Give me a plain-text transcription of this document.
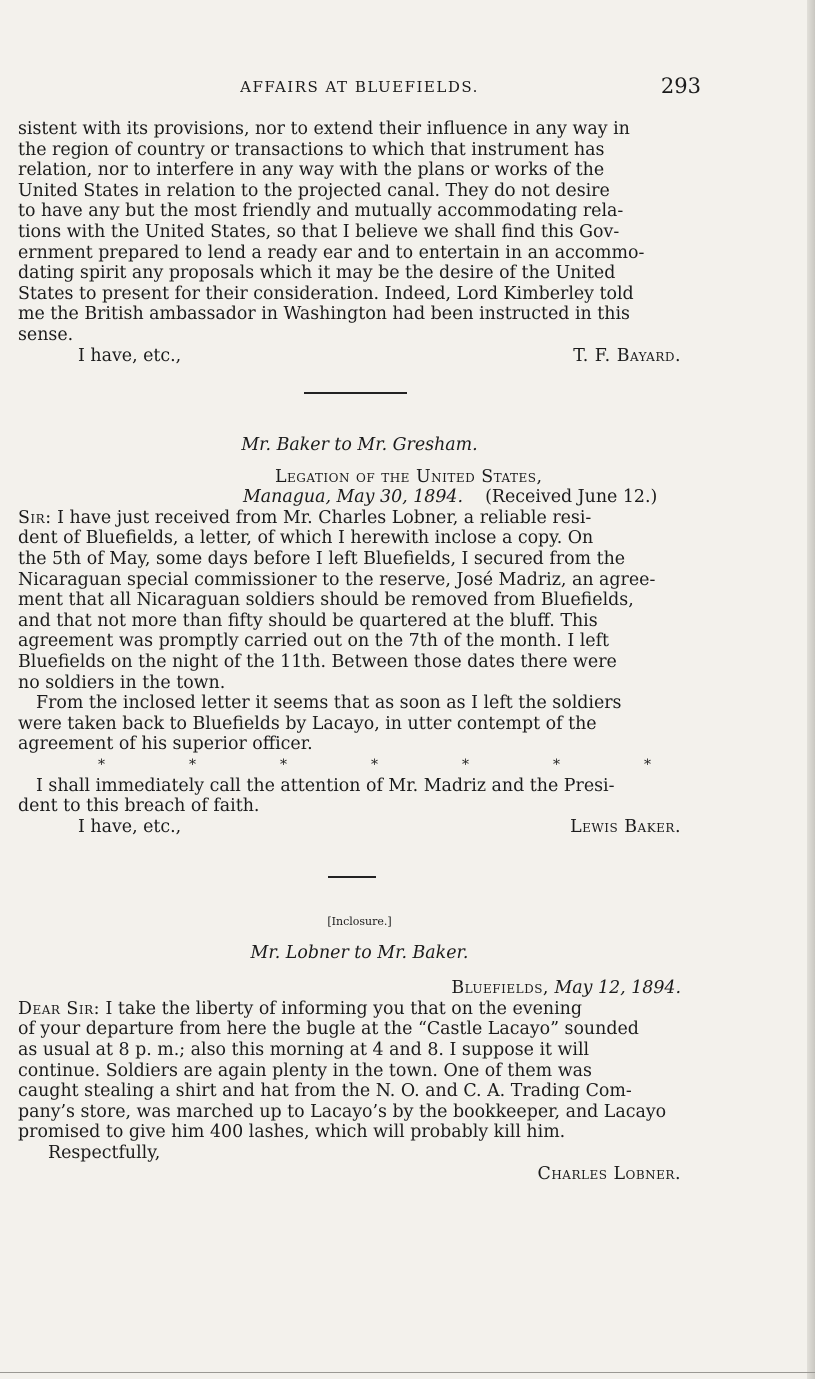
AFFAIRS AT BLUEFIELDS.	293
sistent with its provisions, nor to extend their influence in any way in
the region of country or transactions to which that instrument has
relation, nor to interfere in any way with the plans or works of the
United States in relation to the projected canal. They do not desire
to have any but the most friendly and mutually accommodating rela-
tions with the United States, so that I believe we shall find this Gov-
ernment prepared to lend a ready ear and to entertain in an accommo-
dating spirit any proposals which it may be the desire of the United
States to present for their consideration. Indeed, Lord Kimberley told
me the British ambassador in Washington had been instructed in this
sense.
I have, etc.,	T. F. Bayard.
Mr. Baker to Mr. Gresham.
Legation of the United States,
Managua, May 30, 1894. (Received June 12.)
Sir: I have just received from Mr. Charles Lobner, a reliable resi-
dent of Bluefields, a letter, of which I herewith inclose a copy. On
the 5th of May, some days before I left Bluefields, I secured from the
Nicaraguan special commissioner to the reserve, José Madriz, an agree-
ment that all Nicaraguan soldiers should be removed from Bluefields,
and that not more than fifty should be quartered at the bluff. This
agreement was promptly carried out on the 7th of the month. I left
Bluefields on the night of the 11th. Between those dates there were
no soldiers in the town.
From the inclosed letter it seems that as soon as I left the soldiers
were taken back to Bluefields by Lacayo, in utter contempt of the
agreement of his superior officer.
*	*	*	*	*	*	*
I shall immediately call the attention of Mr. Madriz and the Presi-
dent to this breach of faith.
I have, etc.,	Lewis Baker.
[Inclosure.]
Mr. Lobner to Mr. Baker.
Bluefields, May 12, 1894.
Dear Sir: I take the liberty of informing you that on the evening
of your departure from here the bugle at the “Castle Lacayo” sounded
as usual at 8 p. m.; also this morning at 4 and 8. I suppose it will
continue. Soldiers are again plenty in the town. One of them was
caught stealing a shirt and hat from the N. O. and C. A. Trading Com-
pany’s store, was marched up to Lacayo’s by the bookkeeper, and Lacayo
promised to give him 400 lashes, which will probably kill him.
Respectfully,
Charles Lobner.
